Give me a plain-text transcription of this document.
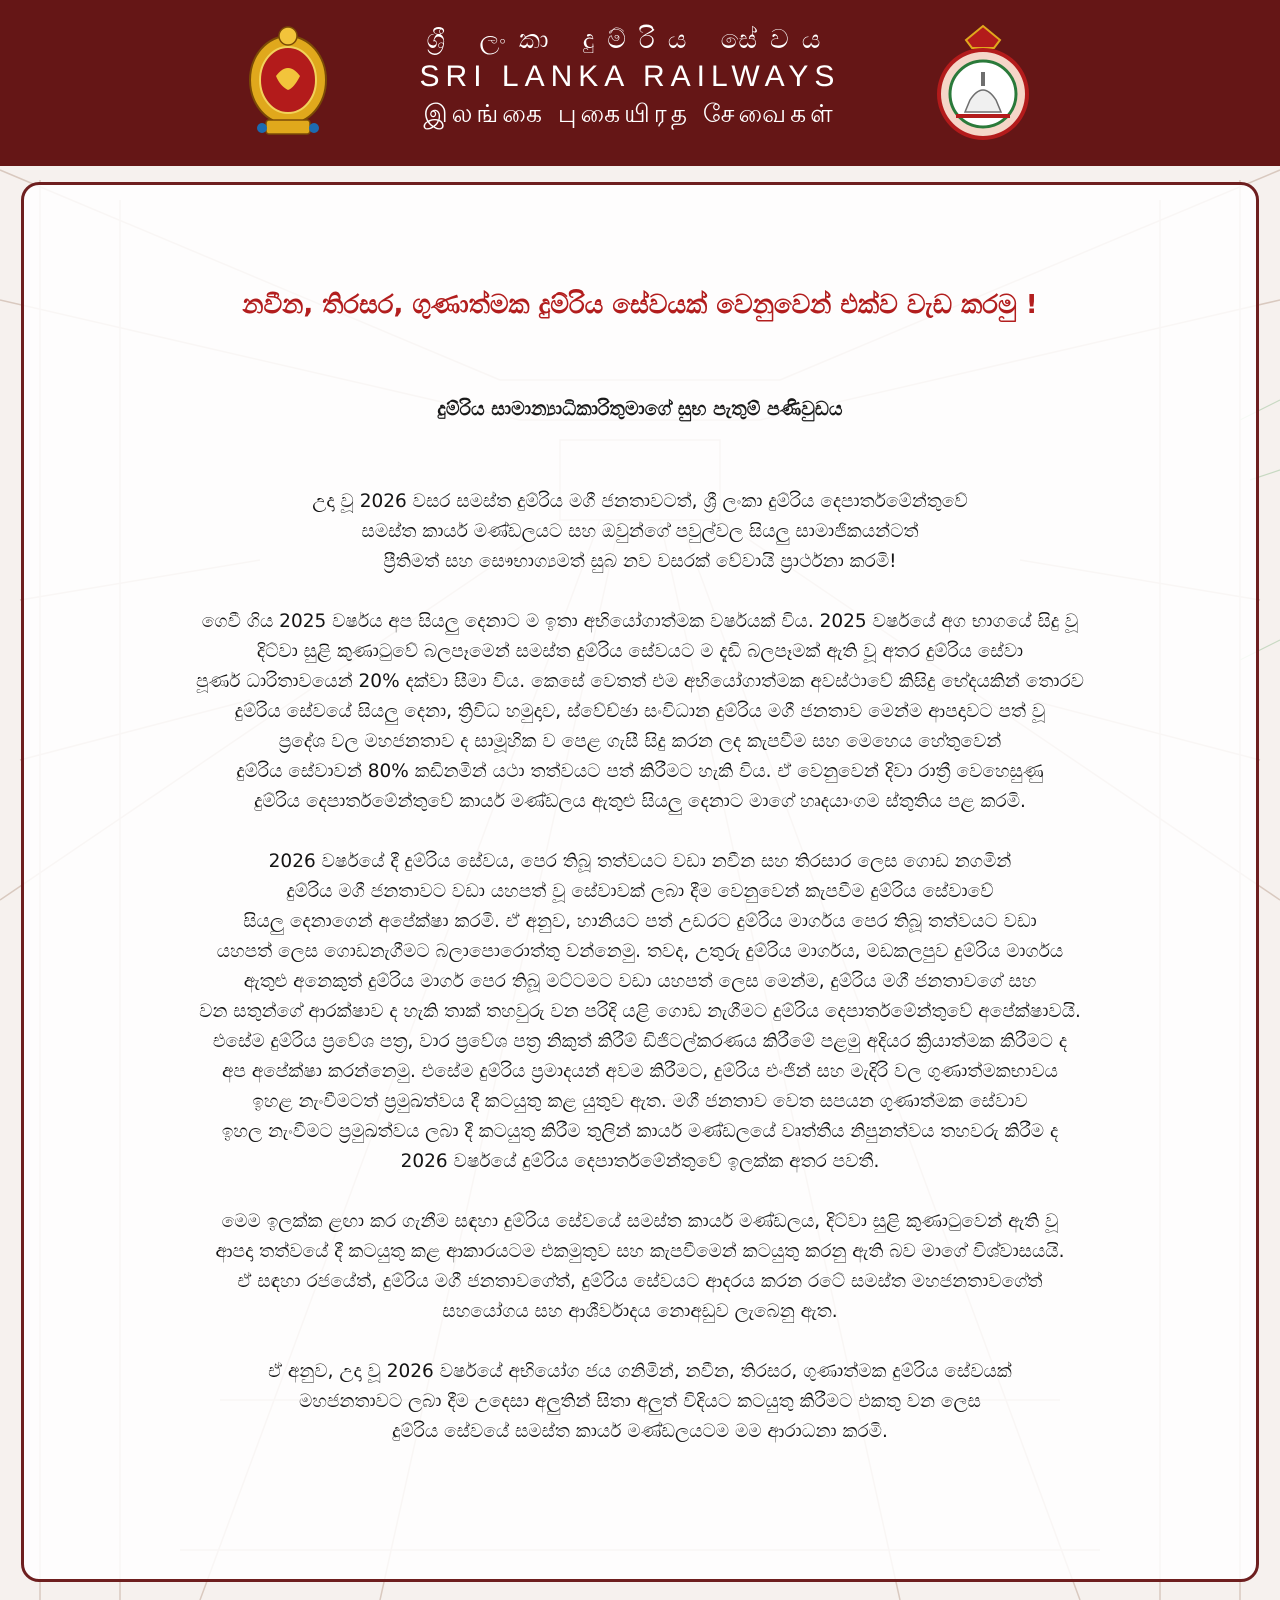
ශ්‍රී ලංකා දුම්රිය සේවය
SRI LANKA RAILWAYS
இலங்கை புகையிரத சேவைகள்
නවීන, තිරසර, ගුණාත්මක දුම්රිය සේවයක් වෙනුවෙන් එක්ව වැඩ කරමු !
දුම්රිය සාමාන්‍යාධිකාරිතුමාගේ සුභ පැතුම් පණිවුඩය

උදා වූ 2026 වසර සමස්ත දුම්රිය මගී ජනතාවටත්, ශ්‍රී ලංකා දුම්රිය දෙපාර්තමේන්තුවේ
සමස්ත කාර්ය මණ්ඩලයට සහ ඔවුන්ගේ පවුල්වල සියලු සාමාජිකයන්ටත්
ප්‍රීතිමත් සහ සෞභාග්‍යමත් සුබ නව වසරක් වේවායි ප්‍රාර්ථනා කරමි!

ගෙවී ගිය 2025 වර්ෂය අප සියලු දෙනාට ම ඉතා අභියෝගාත්මක වර්ෂයක් විය. 2025 වර්ෂයේ අග භාගයේ සිදු වූ
දිට්වා සුළි කුණාටුවේ බලපෑමෙන් සමස්ත දුම්රිය සේවයට ම දැඩි බලපෑමක් ඇති වූ අතර දුම්රිය සේවා
පූර්ණ ධාරිතාවයෙන් 20% දක්වා සීමා විය. කෙසේ වෙතත් එම අභියෝගාත්මක අවස්ථාවේ කිසිදු භේදයකින් තොරව
දුම්රිය සේවයේ සියලු දෙනා, ත්‍රිවිධ හමුදාව, ස්වේච්ඡා සංවිධාන දුම්රිය මගී ජනතාව මෙන්ම ආපදාවට පත් වූ
ප්‍රදේශ වල මහජනතාව ද සාමූහික ව පෙළ ගැසී සිදු කරන ලද කැපවීම සහ මෙහෙය හේතුවෙන්
දුම්රිය සේවාවන් 80% කඩිනමින් යථා තත්වයට පත් කිරීමට හැකි විය. ඒ වෙනුවෙන් දිවා රාත්‍රී වෙහෙසුණු
දුම්රිය දෙපාර්තමේන්තුවේ කාර්ය මණ්ඩලය ඇතුළු සියලු දෙනාට මාගේ හෘදයාංගම ස්තුතිය පළ කරමි.

2026 වර්ෂයේ දී දුම්රිය සේවය, පෙර තිබූ තත්වයට වඩා නවීන සහ තිරසාර ලෙස ගොඩ නගමින්
දුම්රිය මගී ජනතාවට වඩා යහපත් වූ සේවාවක් ලබා දීම වෙනුවෙන් කැපවීම දුම්රිය සේවාවේ
සියලු දෙනාගෙන් අපේක්ෂා කරමි. ඒ අනුව, හානියට පත් උඩරට දුම්රිය මාර්ගය පෙර තිබූ තත්වයට වඩා
යහපත් ලෙස ගොඩනැගීමට බලාපොරොත්තු වන්නෙමු. තවද, උතුරු දුම්රිය මාර්ගය, මඩකලපුව දුම්රිය මාර්ගය
ඇතුළු අනෙකුත් දුම්රිය මාර්ග පෙර තිබූ මට්ටමට වඩා යහපත් ලෙස මෙන්ම, දුම්රිය මගී ජනතාවගේ සහ
වන සතුන්ගේ ආරක්ෂාව ද හැකි තාක් තහවුරු වන පරිදි යළි ගොඩ නැගීමට දුම්රිය දෙපාර්තමේන්තුවේ අපේක්ෂාවයි.
එසේම දුම්රිය ප්‍රවේශ පත්‍ර, වාර ප්‍රවේශ පත්‍ර නිකුත් කිරීම් ඩිජිටල්කරණය කිරීමේ පළමු අදියර ක්‍රියාත්මක කිරීමට ද
අප අපේක්ෂා කරන්නෙමු. එසේම දුම්රිය ප්‍රමාදයන් අවම කිරීමට, දුම්රිය එංජින් සහ මැදිරි වල ගුණාත්මකභාවය
ඉහළ නැංවීමටත් ප්‍රමුඛත්වය දී කටයුතු කළ යුතුව ඇත. මගී ජනතාව වෙත සපයන ගුණාත්මක සේවාව
ඉහල නැංවීමට ප්‍රමුඛත්වය ලබා දී කටයුතු කිරීම තුලින් කාර්ය මණ්ඩලයේ වෘත්තීය නිපුනත්වය තහවරු කිරීම ද
2026 වර්ෂයේ දුම්රිය දෙපාර්තමේන්තුවේ ඉලක්ක අතර පවතී.

මෙම ඉලක්ක ළඟා කර ගැනීම සඳහා දුම්රිය සේවයේ සමස්ත කාර්ය මණ්ඩලය, දිට්වා සුළි කුණාටුවෙන් ඇති වූ
ආපදා තත්වයේ දී කටයුතු කළ ආකාරයටම එකමුතුව සහ කැපවීමෙන් කටයුතු කරනු ඇති බව මාගේ විශ්වාසයයි.
ඒ සඳහා රජයේත්, දුම්රිය මගී ජනතාවගේත්, දුම්රිය සේවයට ආදරය කරන රටේ සමස්ත මහජනතාවගේත්
සහයෝගය සහ ආශීර්වාදය නොඅඩුව ලැබෙනු ඇත.

ඒ අනුව, උදා වූ 2026 වර්ෂයේ අභියෝග ජය ගනිමින්, නවීන, තිරසර, ගුණාත්මක දුම්රිය සේවයක්
මහජනතාවට ලබා දීම උදෙසා අලුතින් සිතා අලුත් විදියට කටයුතු කිරීමට එකතු වන ලෙස
දුම්රිය සේවයේ සමස්ත කාර්ය මණ්ඩලයටම මම ආරාධනා කරමි.
